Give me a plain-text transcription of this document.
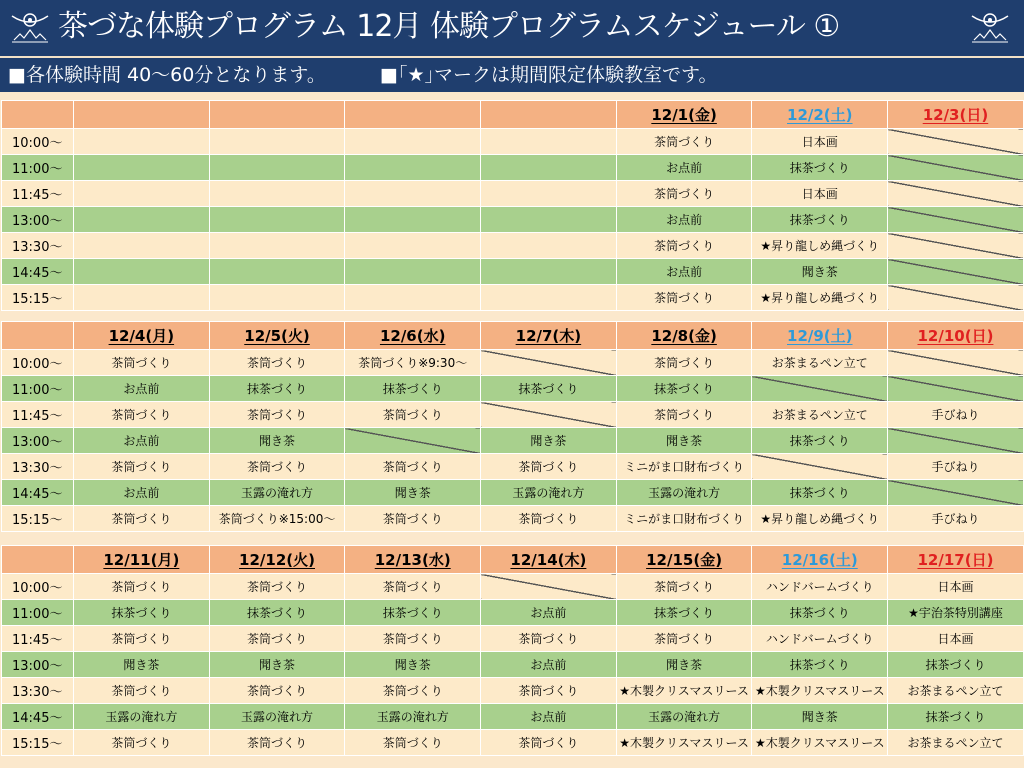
茶づな体験プログラム 12月 体験プログラムスケジュール ①
■各体験時間 40～60分となります。	■｢★｣マークは期間限定体験教室です。
					12/1(金)	12/2(土)	12/3(日)
10:00～					茶筒づくり	日本画	
11:00～					お点前	抹茶づくり	
11:45～					茶筒づくり	日本画	
13:00～					お点前	抹茶づくり	
13:30～					茶筒づくり	★昇り龍しめ縄づくり	
14:45～					お点前	聞き茶	
15:15～					茶筒づくり	★昇り龍しめ縄づくり	
	12/4(月)	12/5(火)	12/6(水)	12/7(木)	12/8(金)	12/9(土)	12/10(日)
10:00～	茶筒づくり	茶筒づくり	茶筒づくり※9:30～		茶筒づくり	お茶まるペン立て	
11:00～	お点前	抹茶づくり	抹茶づくり	抹茶づくり	抹茶づくり		
11:45～	茶筒づくり	茶筒づくり	茶筒づくり		茶筒づくり	お茶まるペン立て	手びねり
13:00～	お点前	聞き茶		聞き茶	聞き茶	抹茶づくり	
13:30～	茶筒づくり	茶筒づくり	茶筒づくり	茶筒づくり	ミニがま口財布づくり		手びねり
14:45～	お点前	玉露の淹れ方	聞き茶	玉露の淹れ方	玉露の淹れ方	抹茶づくり	
15:15～	茶筒づくり	茶筒づくり※15:00～	茶筒づくり	茶筒づくり	ミニがま口財布づくり	★昇り龍しめ縄づくり	手びねり
	12/11(月)	12/12(火)	12/13(水)	12/14(木)	12/15(金)	12/16(土)	12/17(日)
10:00～	茶筒づくり	茶筒づくり	茶筒づくり		茶筒づくり	ハンドバームづくり	日本画
11:00～	抹茶づくり	抹茶づくり	抹茶づくり	お点前	抹茶づくり	抹茶づくり	★宇治茶特別講座
11:45～	茶筒づくり	茶筒づくり	茶筒づくり	茶筒づくり	茶筒づくり	ハンドバームづくり	日本画
13:00～	聞き茶	聞き茶	聞き茶	お点前	聞き茶	抹茶づくり	抹茶づくり
13:30～	茶筒づくり	茶筒づくり	茶筒づくり	茶筒づくり	★木製クリスマスリース	★木製クリスマスリース	お茶まるペン立て
14:45～	玉露の淹れ方	玉露の淹れ方	玉露の淹れ方	お点前	玉露の淹れ方	聞き茶	抹茶づくり
15:15～	茶筒づくり	茶筒づくり	茶筒づくり	茶筒づくり	★木製クリスマスリース	★木製クリスマスリース	お茶まるペン立て
